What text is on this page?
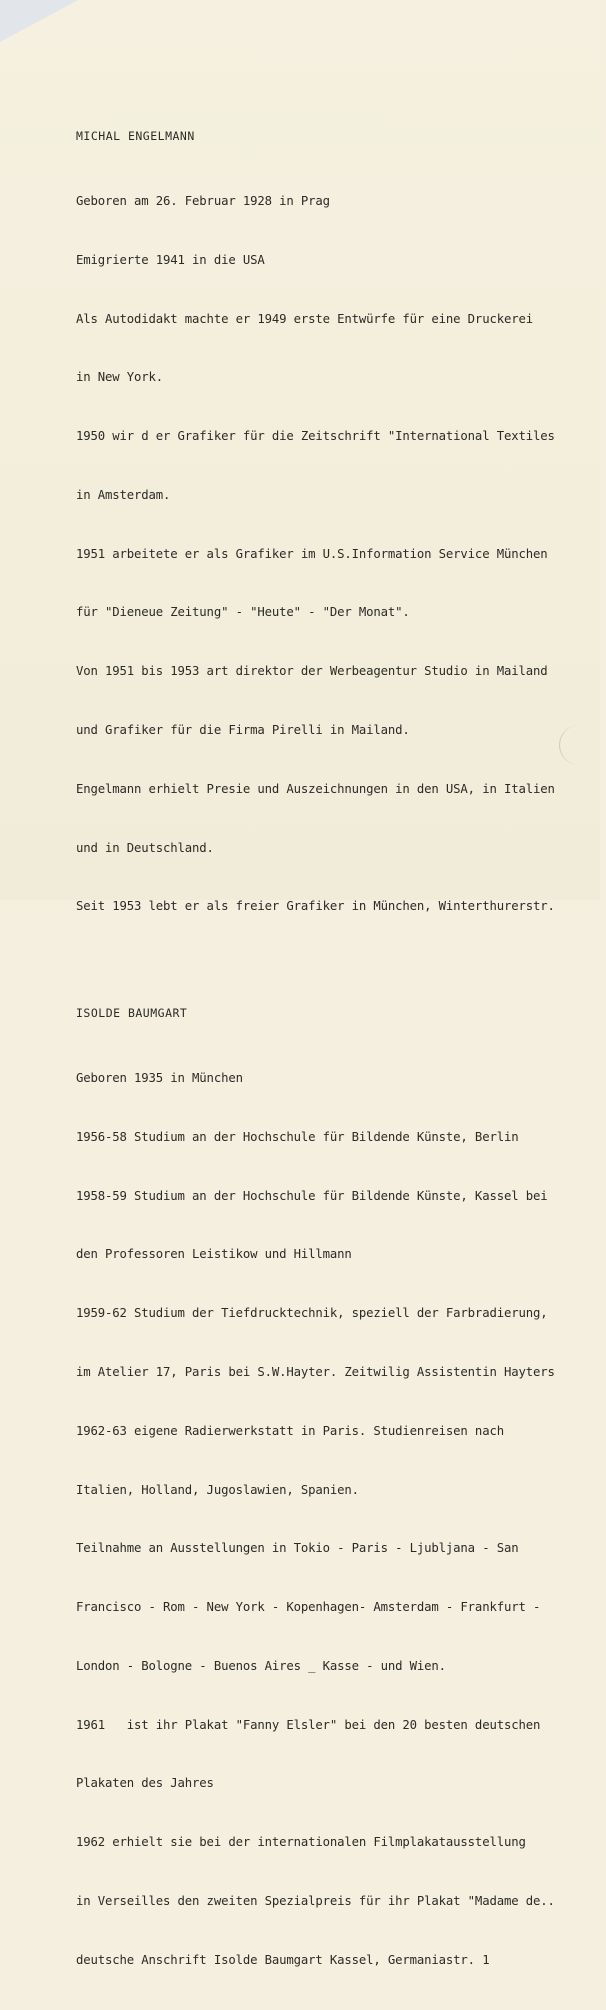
MICHAL ENGELMANN

Geboren am 26. Februar 1928 in Prag

Emigrierte 1941 in die USA

Als Autodidakt machte er 1949 erste Entwürfe für eine Druckerei

in New York.

1950 wir d er Grafiker für die Zeitschrift "International Textiles

in Amsterdam.

1951 arbeitete er als Grafiker im U.S.Information Service München

für "Dieneue Zeitung" - "Heute" - "Der Monat".

Von 1951 bis 1953 art direktor der Werbeagentur Studio in Mailand

und Grafiker für die Firma Pirelli in Mailand.

Engelmann erhielt Presie und Auszeichnungen in den USA, in Italien

und in Deutschland.

Seit 1953 lebt er als freier Grafiker in München, Winterthurerstr.

ISOLDE BAUMGART

Geboren 1935 in München

1956-58 Studium an der Hochschule für Bildende Künste, Berlin

1958-59 Studium an der Hochschule für Bildende Künste, Kassel bei

den Professoren Leistikow und Hillmann

1959-62 Studium der Tiefdrucktechnik, speziell der Farbradierung,

im Atelier 17, Paris bei S.W.Hayter. Zeitwilig Assistentin Hayters

1962-63 eigene Radierwerkstatt in Paris. Studienreisen nach

Italien, Holland, Jugoslawien, Spanien.

Teilnahme an Ausstellungen in Tokio - Paris - Ljubljana - San

Francisco - Rom - New York - Kopenhagen- Amsterdam - Frankfurt -

London - Bologne - Buenos Aires _ Kasse - und Wien.

1961   ist ihr Plakat "Fanny Elsler" bei den 20 besten deutschen

Plakaten des Jahres

1962 erhielt sie bei der internationalen Filmplakatausstellung

in Verseilles den zweiten Spezialpreis für ihr Plakat "Madame de..

deutsche Anschrift Isolde Baumgart Kassel, Germaniastr. 1
